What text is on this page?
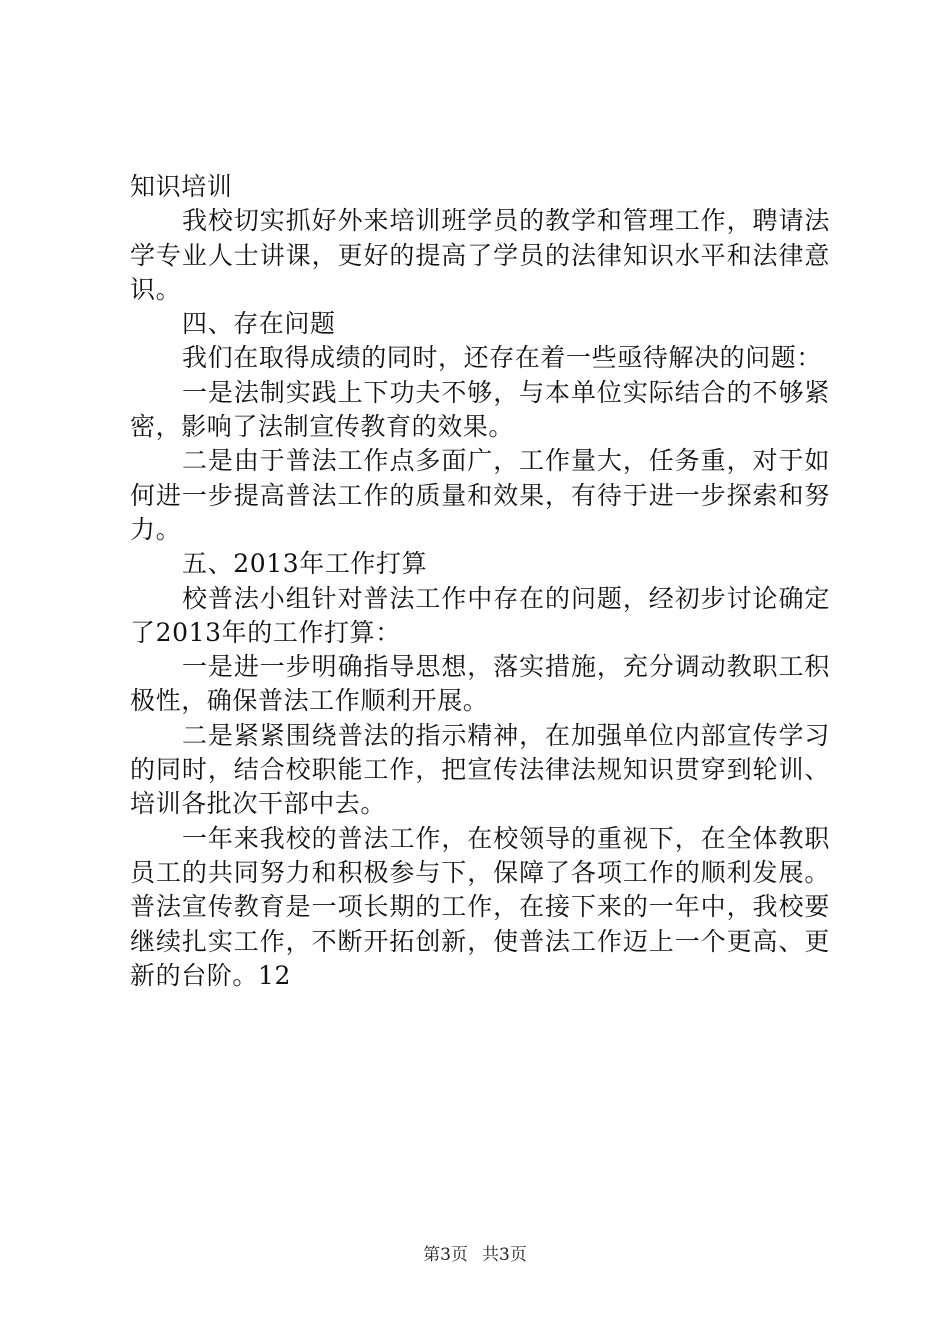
知识培训

我校切实抓好外来培训班学员的教学和管理工作，聘请法学专业人士讲课，更好的提高了学员的法律知识水平和法律意识。

四、存在问题

我们在取得成绩的同时，还存在着一些亟待解决的问题：

一是法制实践上下功夫不够，与本单位实际结合的不够紧密，影响了法制宣传教育的效果。

二是由于普法工作点多面广，工作量大，任务重，对于如何进一步提高普法工作的质量和效果，有待于进一步探索和努力。

五、2013年工作打算

校普法小组针对普法工作中存在的问题，经初步讨论确定了2013年的工作打算：

一是进一步明确指导思想，落实措施，充分调动教职工积极性，确保普法工作顺利开展。

二是紧紧围绕普法的指示精神，在加强单位内部宣传学习的同时，结合校职能工作，把宣传法律法规知识贯穿到轮训、培训各批次干部中去。

一年来我校的普法工作，在校领导的重视下，在全体教职员工的共同努力和积极参与下，保障了各项工作的顺利发展。普法宣传教育是一项长期的工作，在接下来的一年中，我校要继续扎实工作，不断开拓创新，使普法工作迈上一个更高、更新的台阶。12

第3页 共3页
